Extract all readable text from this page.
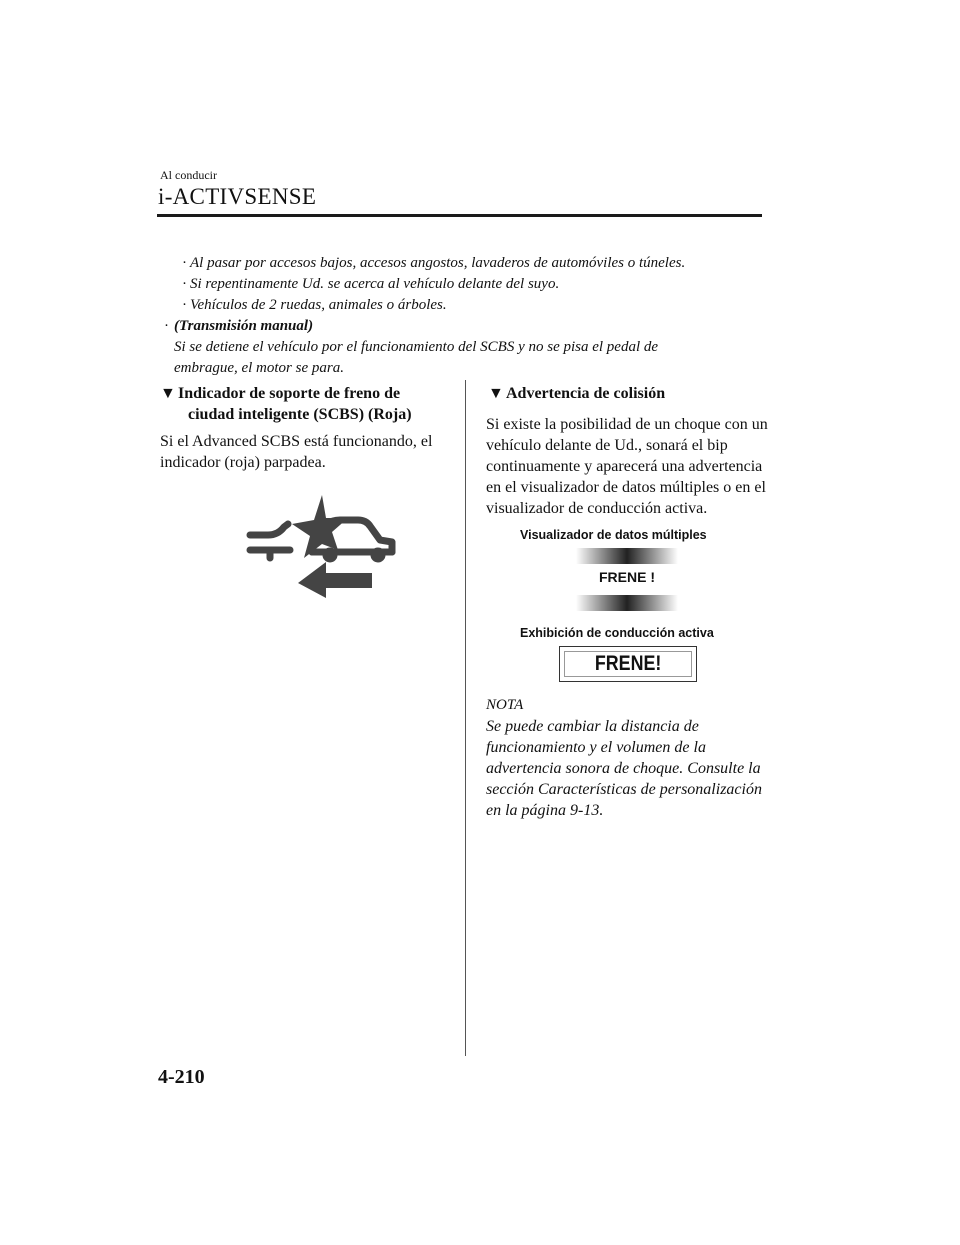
Al conducir
i-ACTIVSENSE
· Al pasar por accesos bajos, accesos angostos, lavaderos de automóviles o túneles.
· Si repentinamente Ud. se acerca al vehículo delante del suyo.
· Vehículos de 2 ruedas, animales o árboles.
· (Transmisión manual)
Si se detiene el vehículo por el funcionamiento del SCBS y no se pisa el pedal de
embrague, el motor se para.
▼ Indicador de soporte de freno de
ciudad inteligente (SCBS) (Roja)
Si el Advanced SCBS está funcionando, el indicador (roja) parpadea.
▼ Advertencia de colisión
Si existe la posibilidad de un choque con un vehículo delante de Ud., sonará el bip continuamente y aparecerá una advertencia en el visualizador de datos múltiples o en el visualizador de conducción activa.
Visualizador de datos múltiples
FRENE !
Exhibición de conducción activa
FRENE!
NOTA
Se puede cambiar la distancia de funcionamiento y el volumen de la advertencia sonora de choque. Consulte la sección Características de personalización en la página 9-13.
4-210
